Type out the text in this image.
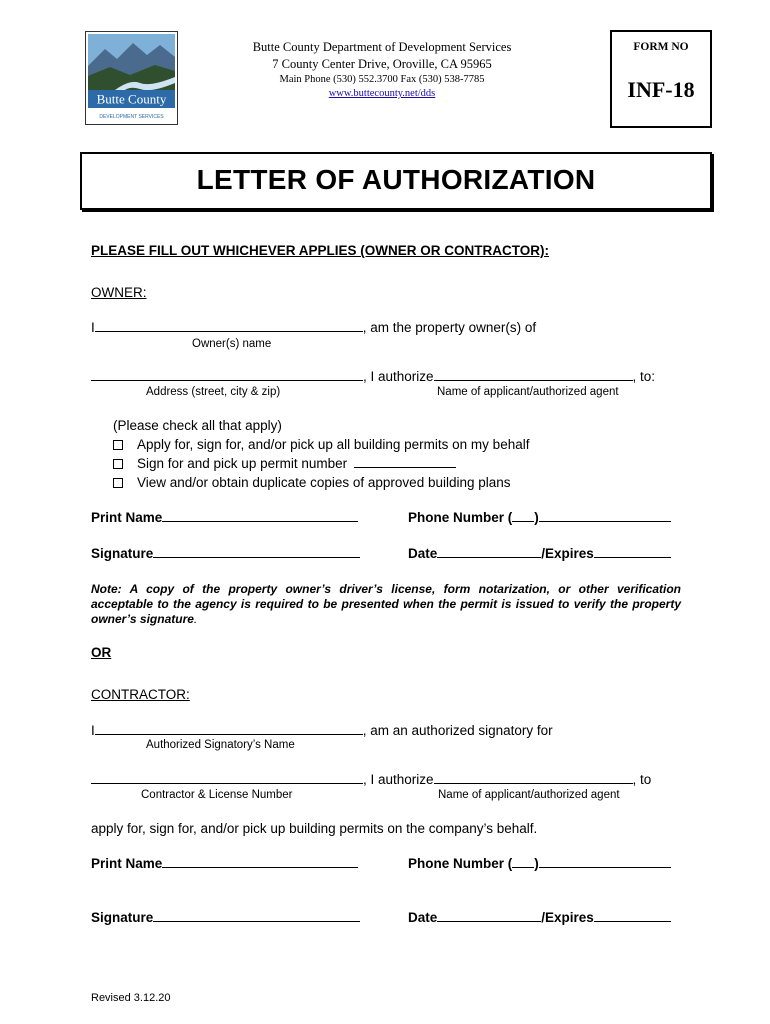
Butte County
DEVELOPMENT SERVICES
Butte County Department of Development Services
7 County Center Drive, Oroville, CA 95965
Main Phone (530) 552.3700 Fax (530) 538-7785
www.buttecounty.net/dds
FORM NO
INF-18
LETTER OF AUTHORIZATION
PLEASE FILL OUT WHICHEVER APPLIES (OWNER OR CONTRACTOR):
OWNER:
I	, am the property owner(s) of
Owner(s) name
, I authorize	, to:
Address (street, city & zip)	Name of applicant/authorized agent
(Please check all that apply)
Apply for, sign for, and/or pick up all building permits on my behalf
Sign for and pick up permit number
View and/or obtain duplicate copies of approved building plans
Print Name	Phone Number ( )
Signature	Date	/Expires
Note: A copy of the property owner’s driver’s license, form notarization, or other verification acceptable to the agency is required to be presented when the permit is issued to verify the property owner’s signature.
OR
CONTRACTOR:
I	, am an authorized signatory for
Authorized Signatory’s Name
, I authorize	, to
Contractor & License Number	Name of applicant/authorized agent
apply for, sign for, and/or pick up building permits on the company’s behalf.
Print Name	Phone Number ( )
Signature	Date	/Expires
Revised 3.12.20
